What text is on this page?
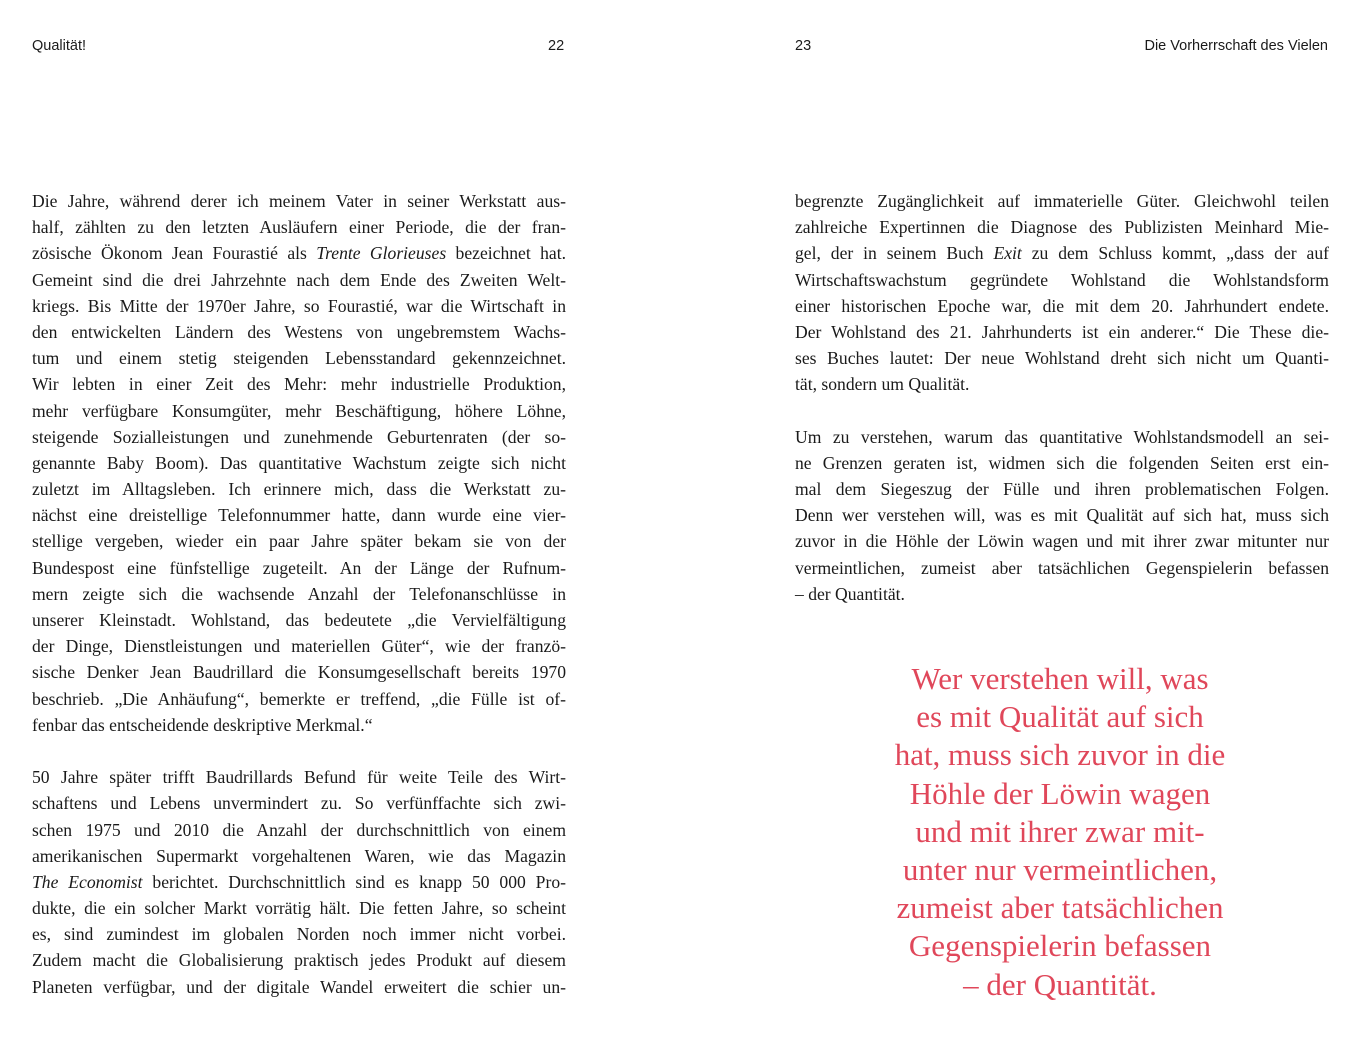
Qualität!	22
Die Jahre, während derer ich meinem Vater in seiner Werkstatt aus-
half, zählten zu den letzten Ausläufern einer Periode, die der fran-
zösische Ökonom Jean Fourastié als Trente Glorieuses bezeichnet hat.
Gemeint sind die drei Jahrzehnte nach dem Ende des Zweiten Welt-
kriegs. Bis Mitte der 1970er Jahre, so Fourastié, war die Wirtschaft in
den entwickelten Ländern des Westens von ungebremstem Wachs-
tum und einem stetig steigenden Lebensstandard gekennzeichnet.
Wir lebten in einer Zeit des Mehr: mehr industrielle Produktion,
mehr verfügbare Konsumgüter, mehr Beschäftigung, höhere Löhne,
steigende Sozialleistungen und zunehmende Geburtenraten (der so-
genannte Baby Boom). Das quantitative Wachstum zeigte sich nicht
zuletzt im Alltagsleben. Ich erinnere mich, dass die Werkstatt zu-
nächst eine dreistellige Telefonnummer hatte, dann wurde eine vier-
stellige vergeben, wieder ein paar Jahre später bekam sie von der
Bundespost eine fünfstellige zugeteilt. An der Länge der Rufnum-
mern zeigte sich die wachsende Anzahl der Telefonanschlüsse in
unserer Kleinstadt. Wohlstand, das bedeutete „die Vervielfältigung
der Dinge, Dienstleistungen und materiellen Güter“, wie der franzö-
sische Denker Jean Baudrillard die Konsumgesellschaft bereits 1970
beschrieb. „Die Anhäufung“, bemerkte er treffend, „die Fülle ist of-
fenbar das entscheidende deskriptive Merkmal.“
50 Jahre später trifft Baudrillards Befund für weite Teile des Wirt-
schaftens und Lebens unvermindert zu. So verfünffachte sich zwi-
schen 1975 und 2010 die Anzahl der durchschnittlich von einem
amerikanischen Supermarkt vorgehaltenen Waren, wie das Magazin
The Economist berichtet. Durchschnittlich sind es knapp 50 000 Pro-
dukte, die ein solcher Markt vorrätig hält. Die fetten Jahre, so scheint
es, sind zumindest im globalen Norden noch immer nicht vorbei.
Zudem macht die Globalisierung praktisch jedes Produkt auf diesem
Planeten verfügbar, und der digitale Wandel erweitert die schier un-
23	Die Vorherrschaft des Vielen
begrenzte Zugänglichkeit auf immaterielle Güter. Gleichwohl teilen
zahlreiche Expertinnen die Diagnose des Publizisten Meinhard Mie-
gel, der in seinem Buch Exit zu dem Schluss kommt, „dass der auf
Wirtschaftswachstum gegründete Wohlstand die Wohlstandsform
einer historischen Epoche war, die mit dem 20. Jahrhundert endete.
Der Wohlstand des 21. Jahrhunderts ist ein anderer.“ Die These die-
ses Buches lautet: Der neue Wohlstand dreht sich nicht um Quanti-
tät, sondern um Qualität.
Um zu verstehen, warum das quantitative Wohlstandsmodell an sei-
ne Grenzen geraten ist, widmen sich die folgenden Seiten erst ein-
mal dem Siegeszug der Fülle und ihren problematischen Folgen.
Denn wer verstehen will, was es mit Qualität auf sich hat, muss sich
zuvor in die Höhle der Löwin wagen und mit ihrer zwar mitunter nur
vermeintlichen, zumeist aber tatsächlichen Gegenspielerin befassen
– der Quantität.
Wer verstehen will, was
es mit Qualität auf sich
hat, muss sich zuvor in die
Höhle der Löwin wagen
und mit ihrer zwar mit-
unter nur vermeintlichen,
zumeist aber tatsächlichen
Gegenspielerin befassen
– der Quantität.
